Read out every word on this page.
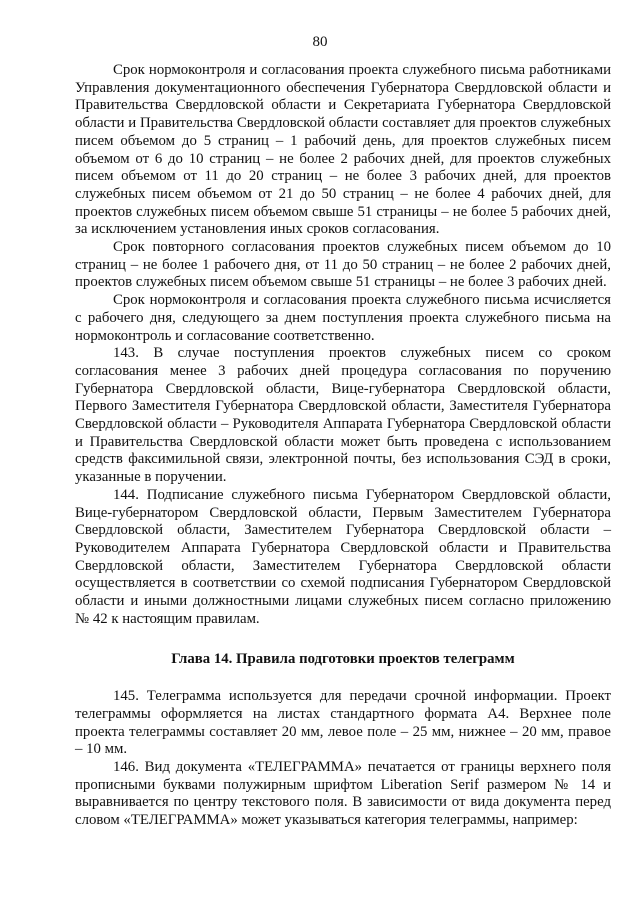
80

Срок нормоконтроля и согласования проекта служебного письма работниками Управления документационного обеспечения Губернатора Свердловской области и Правительства Свердловской области и Секретариата Губернатора Свердловской области и Правительства Свердловской области составляет для проектов служебных писем объемом до 5 страниц – 1 рабочий день, для проектов служебных писем объемом от 6 до 10 страниц – не более 2 рабочих дней, для проектов служебных писем объемом от 11 до 20 страниц – не более 3 рабочих дней, для проектов служебных писем объемом от 21 до 50 страниц – не более 4 рабочих дней, для проектов служебных писем объемом свыше 51 страницы – не более 5 рабочих дней, за исключением установления иных сроков согласования.

Срок повторного согласования проектов служебных писем объемом до 10 страниц – не более 1 рабочего дня, от 11 до 50 страниц – не более 2 рабочих дней, проектов служебных писем объемом свыше 51 страницы – не более 3 рабочих дней.

Срок нормоконтроля и согласования проекта служебного письма исчисляется с рабочего дня, следующего за днем поступления проекта служебного письма на нормоконтроль и согласование соответственно.

143. В случае поступления проектов служебных писем со сроком согласования менее 3 рабочих дней процедура согласования по поручению Губернатора Свердловской области, Вице-губернатора Свердловской области, Первого Заместителя Губернатора Свердловской области, Заместителя Губернатора Свердловской области – Руководителя Аппарата Губернатора Свердловской области и Правительства Свердловской области может быть проведена с использованием средств факсимильной связи, электронной почты, без использования СЭД в сроки, указанные в поручении.

144. Подписание служебного письма Губернатором Свердловской области, Вице-губернатором Свердловской области, Первым Заместителем Губернатора Свердловской области, Заместителем Губернатора Свердловской области – Руководителем Аппарата Губернатора Свердловской области и Правительства Свердловской области, Заместителем Губернатора Свердловской области осуществляется в соответствии со схемой подписания Губернатором Свердловской области и иными должностными лицами служебных писем согласно приложению № 42 к настоящим правилам.

Глава 14. Правила подготовки проектов телеграмм

145. Телеграмма используется для передачи срочной информации. Проект телеграммы оформляется на листах стандартного формата А4. Верхнее поле проекта телеграммы составляет 20 мм, левое поле – 25 мм, нижнее – 20 мм, правое – 10 мм.

146. Вид документа «ТЕЛЕГРАММА» печатается от границы верхнего поля прописными буквами полужирным шрифтом Liberation Serif размером № 14 и выравнивается по центру текстового поля. В зависимости от вида документа перед словом «ТЕЛЕГРАММА» может указываться категория телеграммы, например:
